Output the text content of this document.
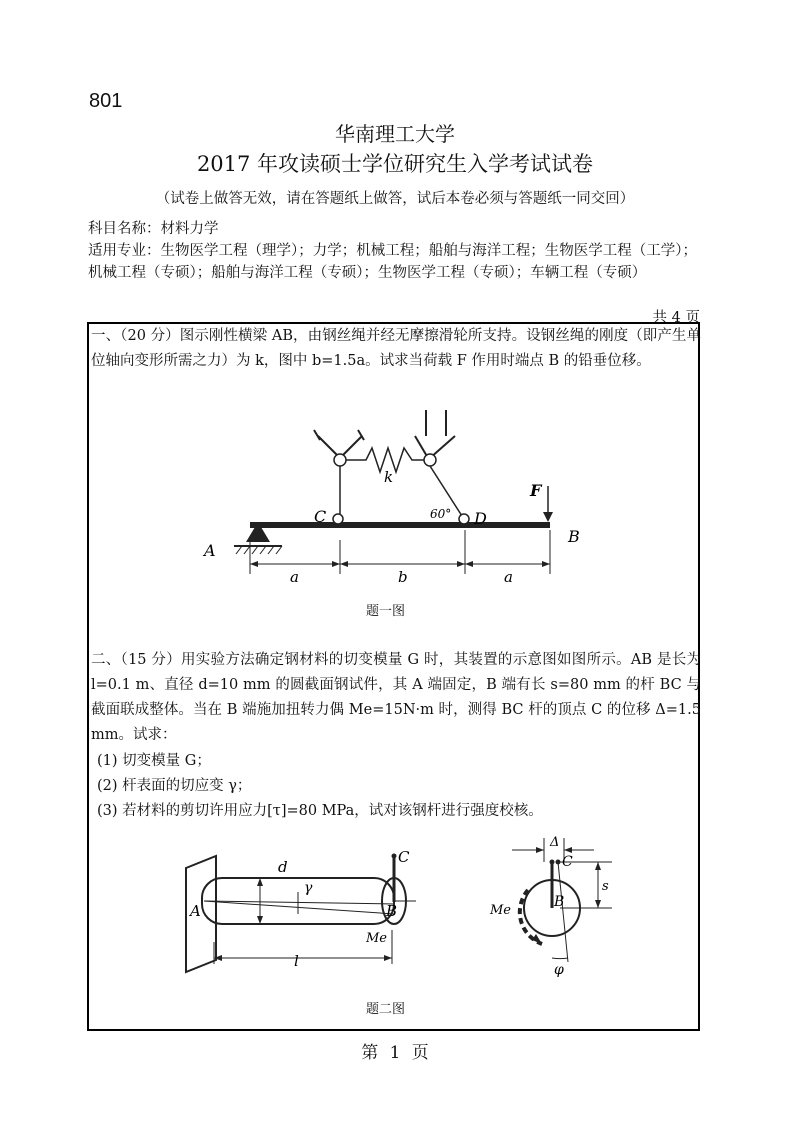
801
华南理工大学
2017 年攻读硕士学位研究生入学考试试卷
（试卷上做答无效，请在答题纸上做答，试后本卷必须与答题纸一同交回）
科目名称：材料力学
适用专业：生物医学工程（理学）；力学；机械工程；船舶与海洋工程；生物医学工程（工学）；机械工程（专硕）；船舶与海洋工程（专硕）；生物医学工程（专硕）；车辆工程（专硕）
共 4 页
一、（20 分）图示刚性横梁 AB，由钢丝绳并经无摩擦滑轮所支持。设钢丝绳的刚度（即产生单位轴向变形所需之力）为 k，图中 b=1.5a。试求当荷载 F 作用时端点 B 的铅垂位移。
A
C	D
B
F
k
60°
a	b	a
题一图
二、（15 分）用实验方法确定钢材料的切变模量 G 时，其装置的示意图如图所示。AB 是长为 l=0.1 m、直径 d=10 mm 的圆截面钢试件，其 A 端固定，B 端有长 s=80 mm 的杆 BC 与截面联成整体。当在 B 端施加扭转力偶 Me=15N·m 时，测得 BC 杆的顶点 C 的位移 Δ=1.5 mm。试求：
(1) 切变模量 G；
(2) 杆表面的切应变 γ；
(3) 若材料的剪切许用应力[τ]=80 MPa，试对该钢杆进行强度校核。
A	B
C
d
γ
Me
l
Δ
C
B
s
Me
φ
题二图
第 1 页
